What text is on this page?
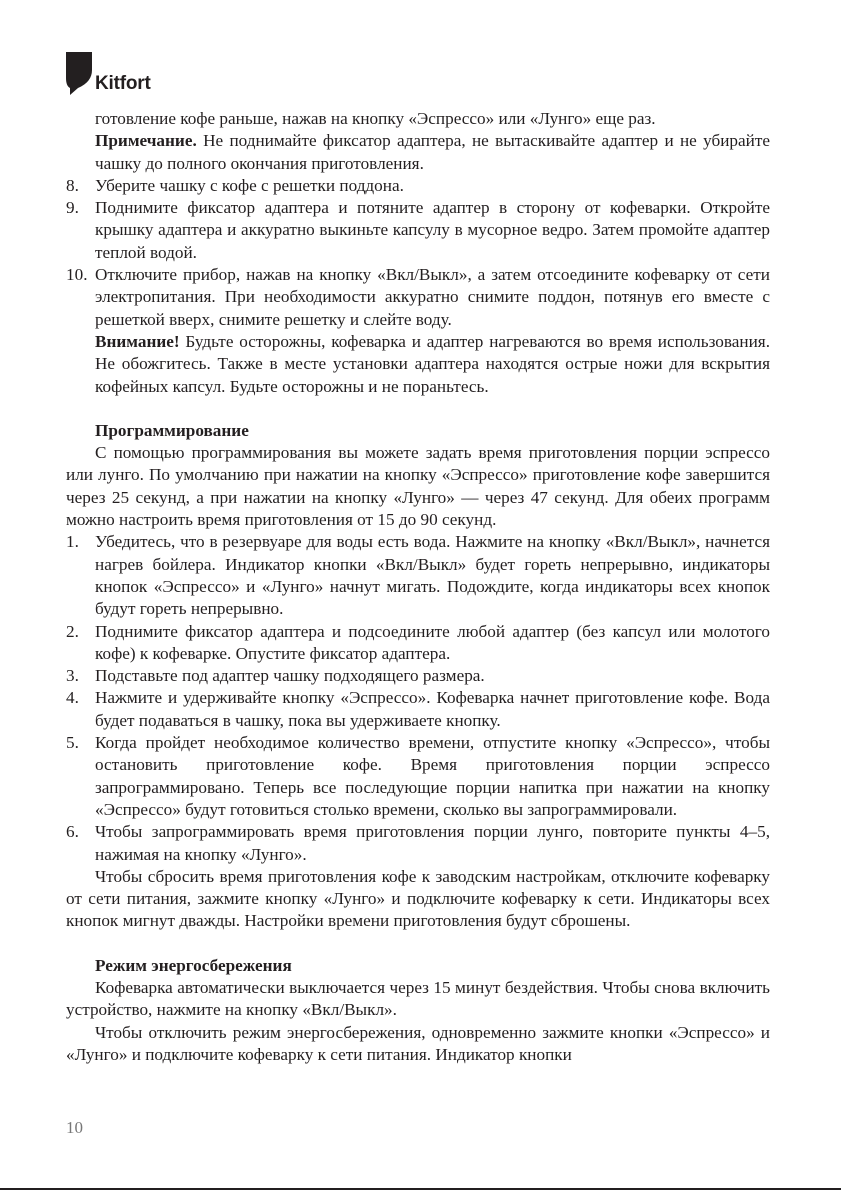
Kitfort

готовление кофе раньше, нажав на кнопку «Эспрессо» или «Лунго» еще раз.

Примечание. Не поднимайте фиксатор адаптера, не вытаскивайте адаптер и не убирайте чашку до полного окончания приготовления.

8. Уберите чашку с кофе с решетки поддона.
9. Поднимите фиксатор адаптера и потяните адаптер в сторону от кофеварки. Откройте крышку адаптера и аккуратно выкиньте капсулу в мусорное ведро. Затем промойте адаптер теплой водой.
10. Отключите прибор, нажав на кнопку «Вкл/Выкл», а затем отсоедините кофеварку от сети электропитания. При необходимости аккуратно снимите поддон, потянув его вместе с решеткой вверх, снимите решетку и слейте воду.

Внимание! Будьте осторожны, кофеварка и адаптер нагреваются во время использования. Не обожгитесь. Также в месте установки адаптера находятся острые ножи для вскрытия кофейных капсул. Будьте осторожны и не пораньтесь.

Программирование

С помощью программирования вы можете задать время приготовления порции эспрессо или лунго. По умолчанию при нажатии на кнопку «Эспрессо» приготовление кофе завершится через 25 секунд, а при нажатии на кнопку «Лунго» — через 47 секунд. Для обеих программ можно настроить время приготовления от 15 до 90 секунд.

1. Убедитесь, что в резервуаре для воды есть вода. Нажмите на кнопку «Вкл/Выкл», начнется нагрев бойлера. Индикатор кнопки «Вкл/Выкл» будет гореть непрерывно, индикаторы кнопок «Эспрессо» и «Лунго» начнут мигать. Подождите, когда индикаторы всех кнопок будут гореть непрерывно.
2. Поднимите фиксатор адаптера и подсоедините любой адаптер (без капсул или молотого кофе) к кофеварке. Опустите фиксатор адаптера.
3. Подставьте под адаптер чашку подходящего размера.
4. Нажмите и удерживайте кнопку «Эспрессо». Кофеварка начнет приготовление кофе. Вода будет подаваться в чашку, пока вы удерживаете кнопку.
5. Когда пройдет необходимое количество времени, отпустите кнопку «Эспрессо», чтобы остановить приготовление кофе. Время приготовления порции эспрессо запрограммировано. Теперь все последующие порции напитка при нажатии на кнопку «Эспрессо» будут готовиться столько времени, сколько вы запрограммировали.
6. Чтобы запрограммировать время приготовления порции лунго, повторите пункты 4–5, нажимая на кнопку «Лунго».

Чтобы сбросить время приготовления кофе к заводским настройкам, отключите кофеварку от сети питания, зажмите кнопку «Лунго» и подключите кофеварку к сети. Индикаторы всех кнопок мигнут дважды. Настройки времени приготовления будут сброшены.

Режим энергосбережения

Кофеварка автоматически выключается через 15 минут бездействия. Чтобы снова включить устройство, нажмите на кнопку «Вкл/Выкл».

Чтобы отключить режим энергосбережения, одновременно зажмите кнопки «Эспрессо» и «Лунго» и подключите кофеварку к сети питания. Индикатор кнопки

10
